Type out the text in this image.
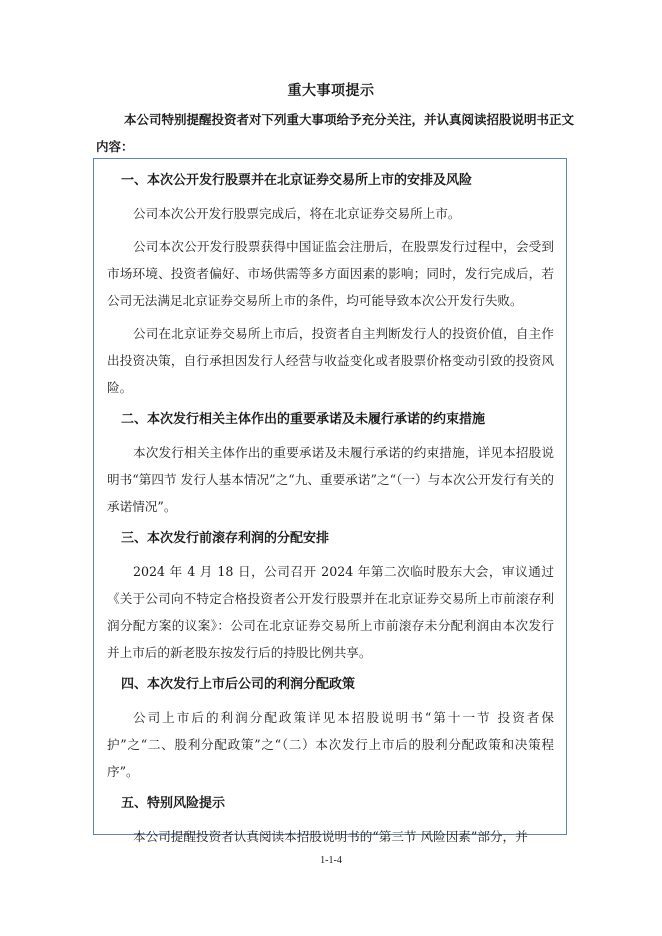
重大事项提示

本公司特别提醒投资者对下列重大事项给予充分关注，并认真阅读招股说明书正文内容：

一、本次公开发行股票并在北京证券交易所上市的安排及风险

公司本次公开发行股票完成后，将在北京证券交易所上市。

公司本次公开发行股票获得中国证监会注册后，在股票发行过程中，会受到市场环境、投资者偏好、市场供需等多方面因素的影响；同时，发行完成后，若公司无法满足北京证券交易所上市的条件，均可能导致本次公开发行失败。

公司在北京证券交易所上市后，投资者自主判断发行人的投资价值，自主作出投资决策，自行承担因发行人经营与收益变化或者股票价格变动引致的投资风险。

二、本次发行相关主体作出的重要承诺及未履行承诺的约束措施

本次发行相关主体作出的重要承诺及未履行承诺的约束措施，详见本招股说明书“第四节 发行人基本情况”之“九、重要承诺”之“（一）与本次公开发行有关的承诺情况”。

三、本次发行前滚存利润的分配安排

2024 年 4 月 18 日，公司召开 2024 年第二次临时股东大会，审议通过《关于公司向不特定合格投资者公开发行股票并在北京证券交易所上市前滚存利润分配方案的议案》：公司在北京证券交易所上市前滚存未分配利润由本次发行并上市后的新老股东按发行后的持股比例共享。

四、本次发行上市后公司的利润分配政策

公司上市后的利润分配政策详见本招股说明书“第十一节 投资者保护”之“二、股利分配政策”之“（二）本次发行上市后的股利分配政策和决策程序”。

五、特别风险提示

本公司提醒投资者认真阅读本招股说明书的“第三节 风险因素”部分，并

1-1-4
